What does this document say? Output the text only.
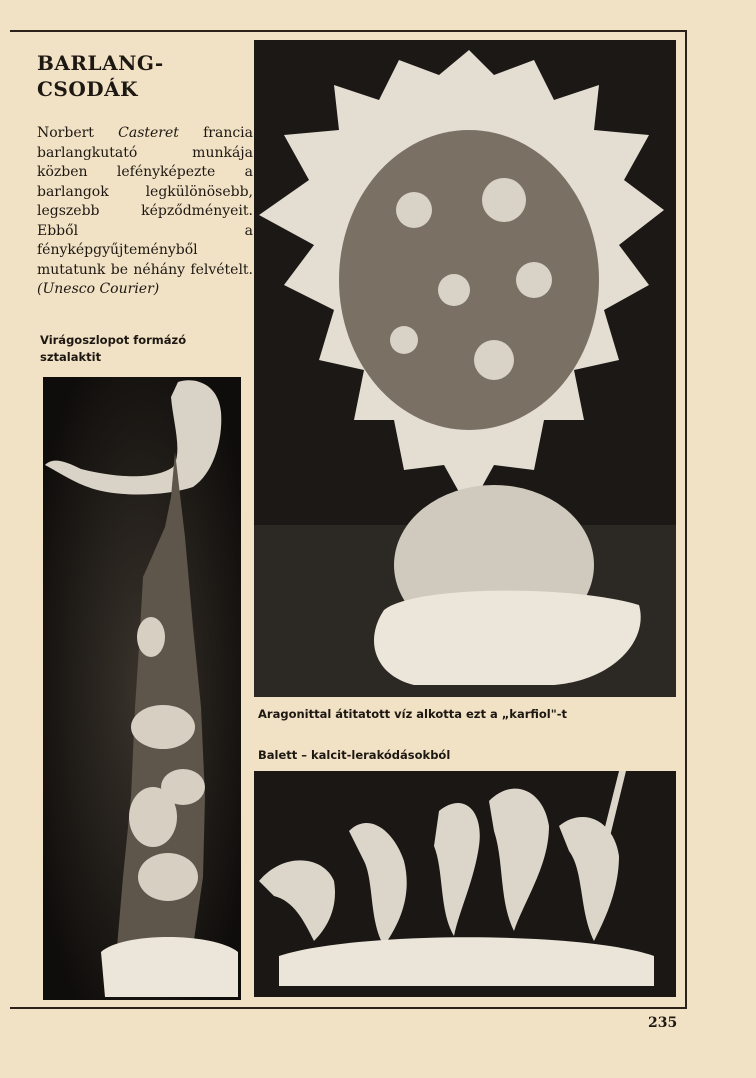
BARLANG-
CSODÁK
Norbert Casteret francia barlangkutató munkája közben lefényképezte a barlangok legkülönösebb, legszebb képződményeit. Ebből a fényképgyűjteményből mutatunk be néhány felvételt. (Unesco Courier)
Virágoszlopot formázó sztalaktit
Aragonittal átitatott víz alkotta ezt a „karfiol"-t
Balett – kalcit-lerakódásokból
235
